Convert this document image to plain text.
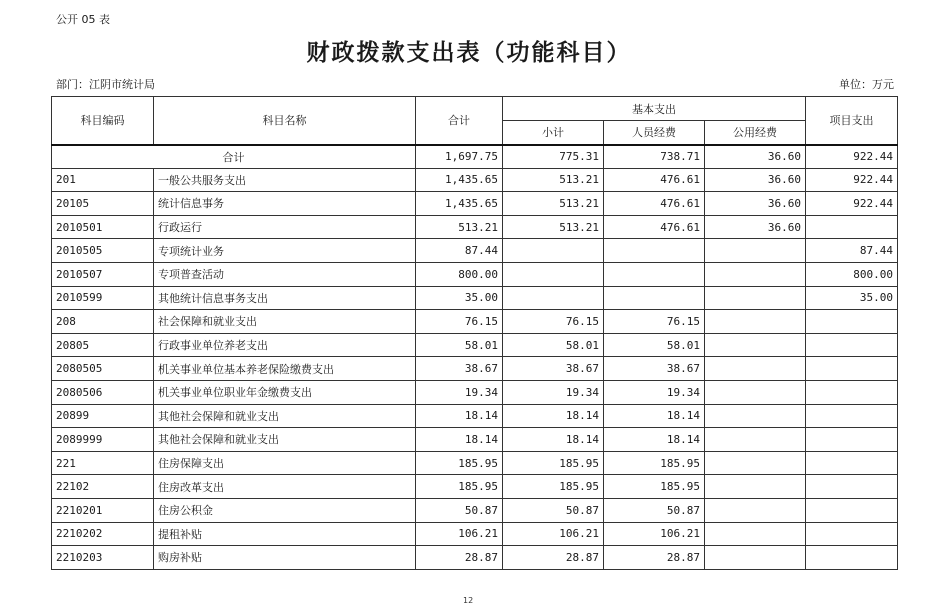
公开 05 表
财政拨款支出表（功能科目）
部门：江阴市统计局	单位：万元
科目编码	科目名称	合计	基本支出			项目支出
			小计	人员经费	公用经费	
合计		1,697.75	775.31	738.71	36.60	922.44
201	一般公共服务支出	1,435.65	513.21	476.61	36.60	922.44
20105	统计信息事务	1,435.65	513.21	476.61	36.60	922.44
2010501	行政运行	513.21	513.21	476.61	36.60	
2010505	专项统计业务	87.44				87.44
2010507	专项普查活动	800.00				800.00
2010599	其他统计信息事务支出	35.00				35.00
208	社会保障和就业支出	76.15	76.15	76.15		
20805	行政事业单位养老支出	58.01	58.01	58.01		
2080505	机关事业单位基本养老保险缴费支出	38.67	38.67	38.67		
2080506	机关事业单位职业年金缴费支出	19.34	19.34	19.34		
20899	其他社会保障和就业支出	18.14	18.14	18.14		
2089999	其他社会保障和就业支出	18.14	18.14	18.14		
221	住房保障支出	185.95	185.95	185.95		
22102	住房改革支出	185.95	185.95	185.95		
2210201	住房公积金	50.87	50.87	50.87		
2210202	提租补贴	106.21	106.21	106.21		
2210203	购房补贴	28.87	28.87	28.87		
12
